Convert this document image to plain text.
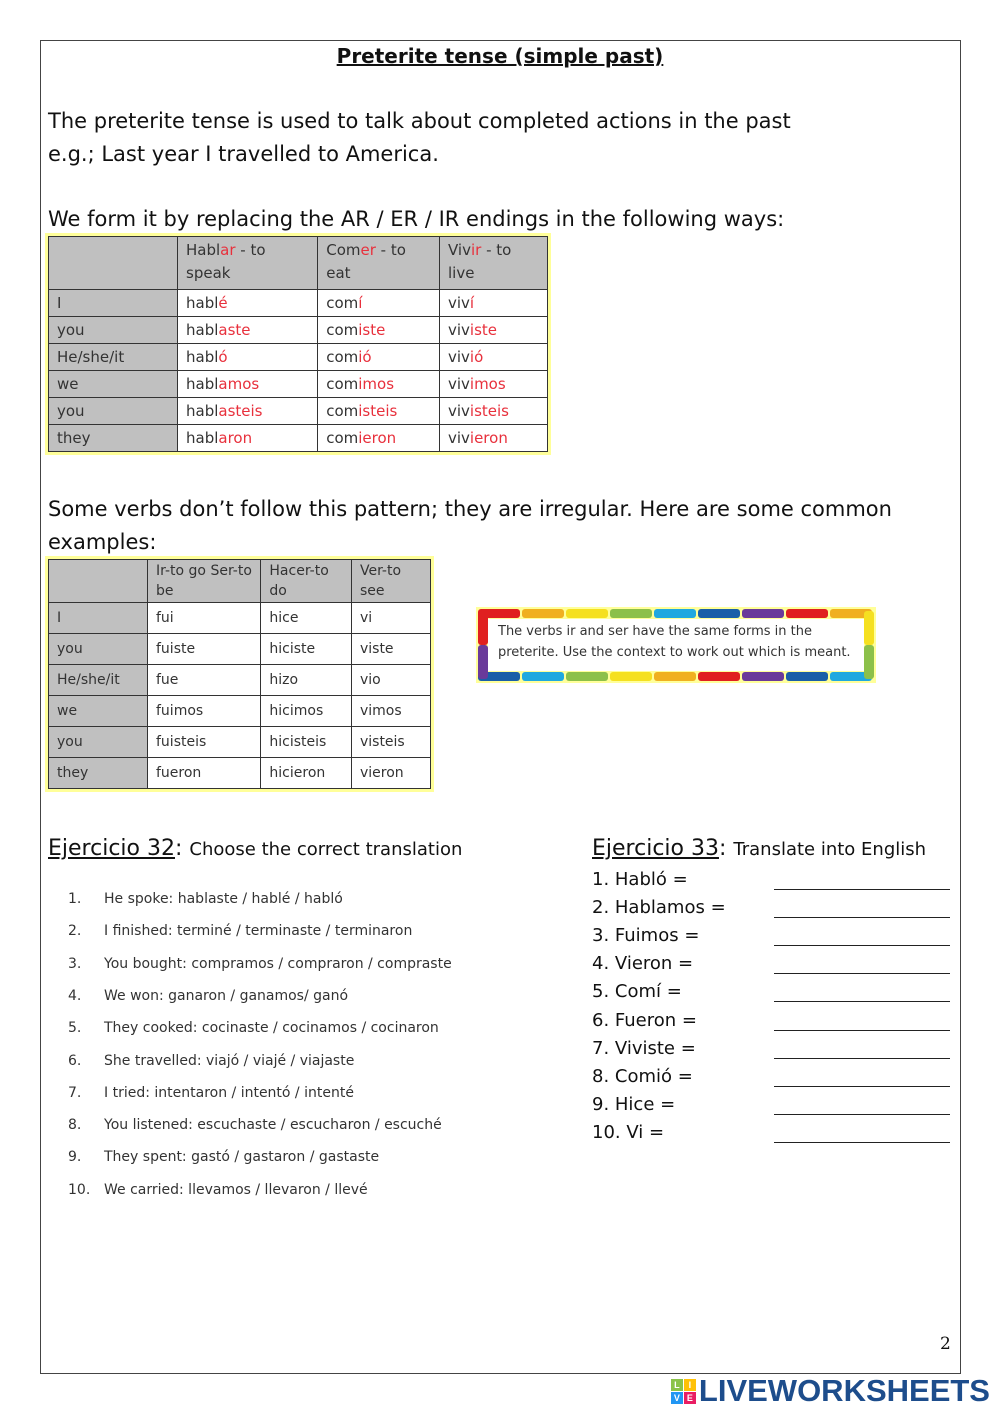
Preterite tense (simple past)
The preterite tense is used to talk about completed actions in the past
e.g.; Last year I travelled to America.
We form it by replacing the AR / ER / IR endings in the following ways:
	Hablar - to speak	Comer - to eat	Vivir - to live
I	hablé	comí	viví
you	hablaste	comiste	viviste
He/she/it	habló	comió	vivió
we	hablamos	comimos	vivimos
you	hablasteis	comisteis	vivisteis
they	hablaron	comieron	vivieron
Some verbs don’t follow this pattern; they are irregular. Here are some common
examples:
	Ir-to go Ser-to be	Hacer-to do	Ver-to see
I	fui	hice	vi
you	fuiste	hiciste	viste
He/she/it	fue	hizo	vio
we	fuimos	hicimos	vimos
you	fuisteis	hicisteis	visteis
they	fueron	hicieron	vieron
The verbs ir and ser have the same forms in the preterite. Use the context to work out which is meant.
Ejercicio 32: Choose the correct translation
1. He spoke: hablaste / hablé / habló
2. I finished: terminé / terminaste / terminaron
3. You bought: compramos / compraron / compraste
4. We won: ganaron / ganamos/ ganó
5. They cooked: cocinaste / cocinamos / cocinaron
6. She travelled: viajó / viajé / viajaste
7. I tried: intentaron / intentó / intenté
8. You listened: escuchaste / escucharon / escuché
9. They spent: gastó / gastaron / gastaste
10. We carried: llevamos / llevaron / llevé
Ejercicio 33: Translate into English
1. Habló =
2. Hablamos =
3. Fuimos =
4. Vieron =
5. Comí =
6. Fueron =
7. Viviste =
8. Comió =
9. Hice =
10. Vi =
2
L I
V E LIVEWORKSHEETS
